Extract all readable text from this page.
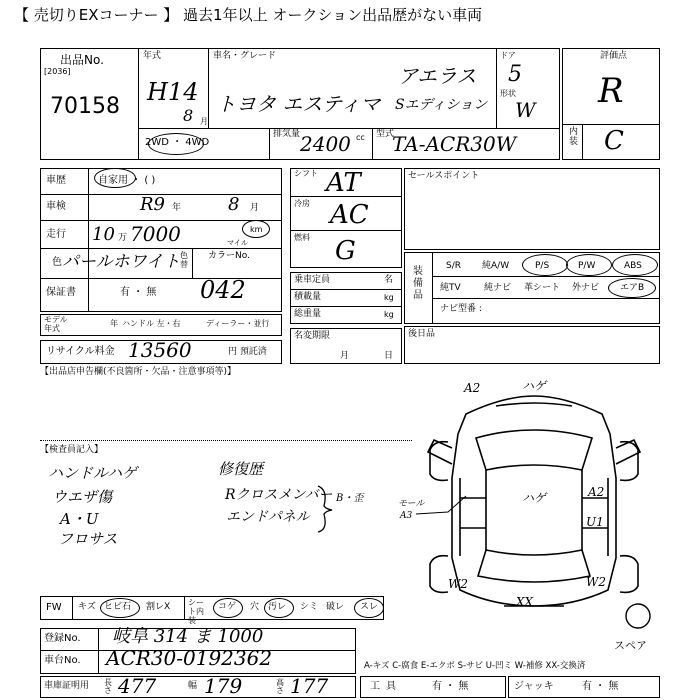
【 売切りEXコーナー 】 過去1年以上 オークション出品歴がない車両
出品No.
[2036]
70158
年式
H14
8 月
車名・グレード
アエラス
トヨタ エスティマ Sエディション
ドア
5
形状
W
2WD ・ 4WD
排気量 2400 cc 型式
TA-ACR30W
評価点
R
内装 C
車歴	自家用 ・ ( )
車検	R9 年	8 月
走行 10 万 7000	km
マイル
色 パールホワイト 色替
カラーNo.
042
保証書	有 ・ 無
モデル年式
年 ハンドル 左・右	ディーラー・並行
リサイクル料金 13560	円 預託済
【出品店申告欄(不良箇所・欠品・注意事項等)】
シフト AT
冷房 AC
燃料 G
乗車定員	名
積載量	kg
総重量	kg
名変期限
月	日
セールスポイント
装備品
S/R 純A/W	P/S	P/W	ABS
純TV	純ナビ 革シート 外ナビ エアB
ナビ型番 :
後日品
【検査員記入】
ハンドルハゲ
ウエザ傷
A・U
フロサス
修復歴
Rクロスメンバー
エンドパネル
B・歪
A2	ハゲ
ハゲ	A2
U1
W2
XX
W2
モール
A3
スペア
FW キズ ヒビ石 割レX シート内装
コゲ 穴 汚レ シミ 破レ スレ
登録No. 岐阜 314 ま 1000
車台No. ACR30-0192362	A-キズ C-腐食 E-エクボ S-サビ U-凹ミ W-補修 XX-交換済
車庫証明用 長さ 477	幅 179	高さ 177	工具	有 ・ 無	ジャッキ	有 ・ 無
